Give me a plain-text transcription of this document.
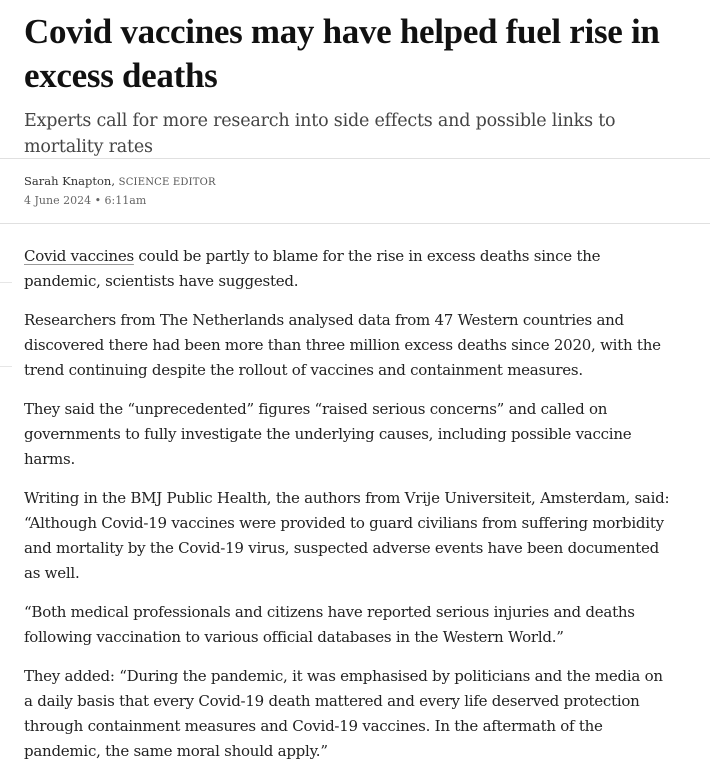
Covid vaccines may have helped fuel rise in excess deaths

Experts call for more research into side effects and possible links to mortality rates

Sarah Knapton, SCIENCE EDITOR
4 June 2024 • 6:11am

Covid vaccines could be partly to blame for the rise in excess deaths since the pandemic, scientists have suggested.

Researchers from The Netherlands analysed data from 47 Western countries and discovered there had been more than three million excess deaths since 2020, with the trend continuing despite the rollout of vaccines and containment measures.

They said the “unprecedented” figures “raised serious concerns” and called on governments to fully investigate the underlying causes, including possible vaccine harms.

Writing in the BMJ Public Health, the authors from Vrije Universiteit, Amsterdam, said: “Although Covid-19 vaccines were provided to guard civilians from suffering morbidity and mortality by the Covid-19 virus, suspected adverse events have been documented as well.

“Both medical professionals and citizens have reported serious injuries and deaths following vaccination to various official databases in the Western World.”

They added: “During the pandemic, it was emphasised by politicians and the media on a daily basis that every Covid-19 death mattered and every life deserved protection through containment measures and Covid-19 vaccines. In the aftermath of the pandemic, the same moral should apply.”
